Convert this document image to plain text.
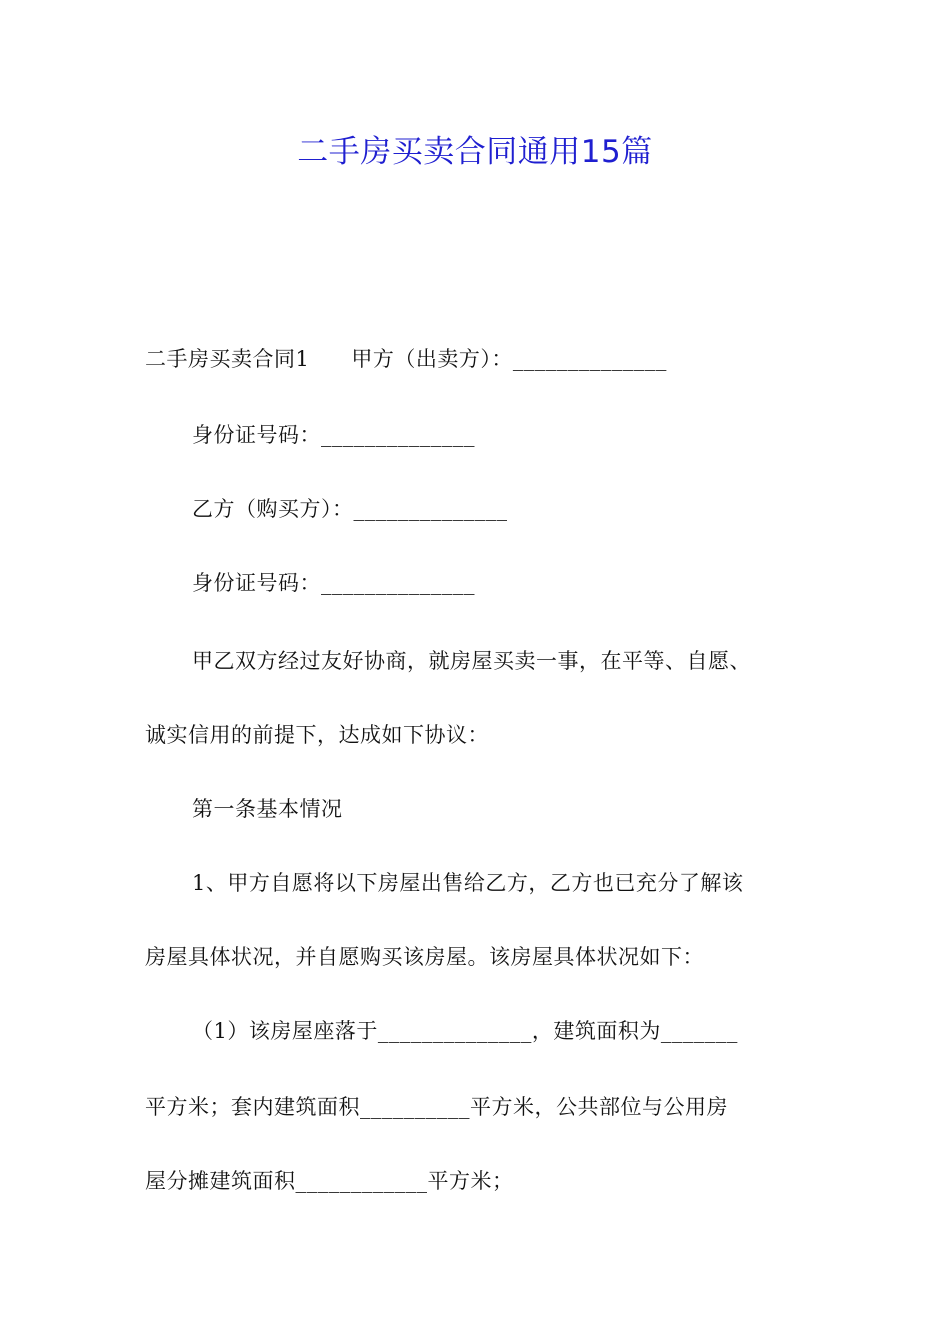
二手房买卖合同通用15篇
二手房买卖合同1 甲方（出卖方）：______________
身份证号码：______________
乙方（购买方）：______________
身份证号码：______________
甲乙双方经过友好协商，就房屋买卖一事，在平等、自愿、
诚实信用的前提下，达成如下协议：
第一条基本情况
1、甲方自愿将以下房屋出售给乙方，乙方也已充分了解该
房屋具体状况，并自愿购买该房屋。该房屋具体状况如下：
（1）该房屋座落于______________，建筑面积为_______
平方米；套内建筑面积__________平方米，公共部位与公用房
屋分摊建筑面积____________平方米；
